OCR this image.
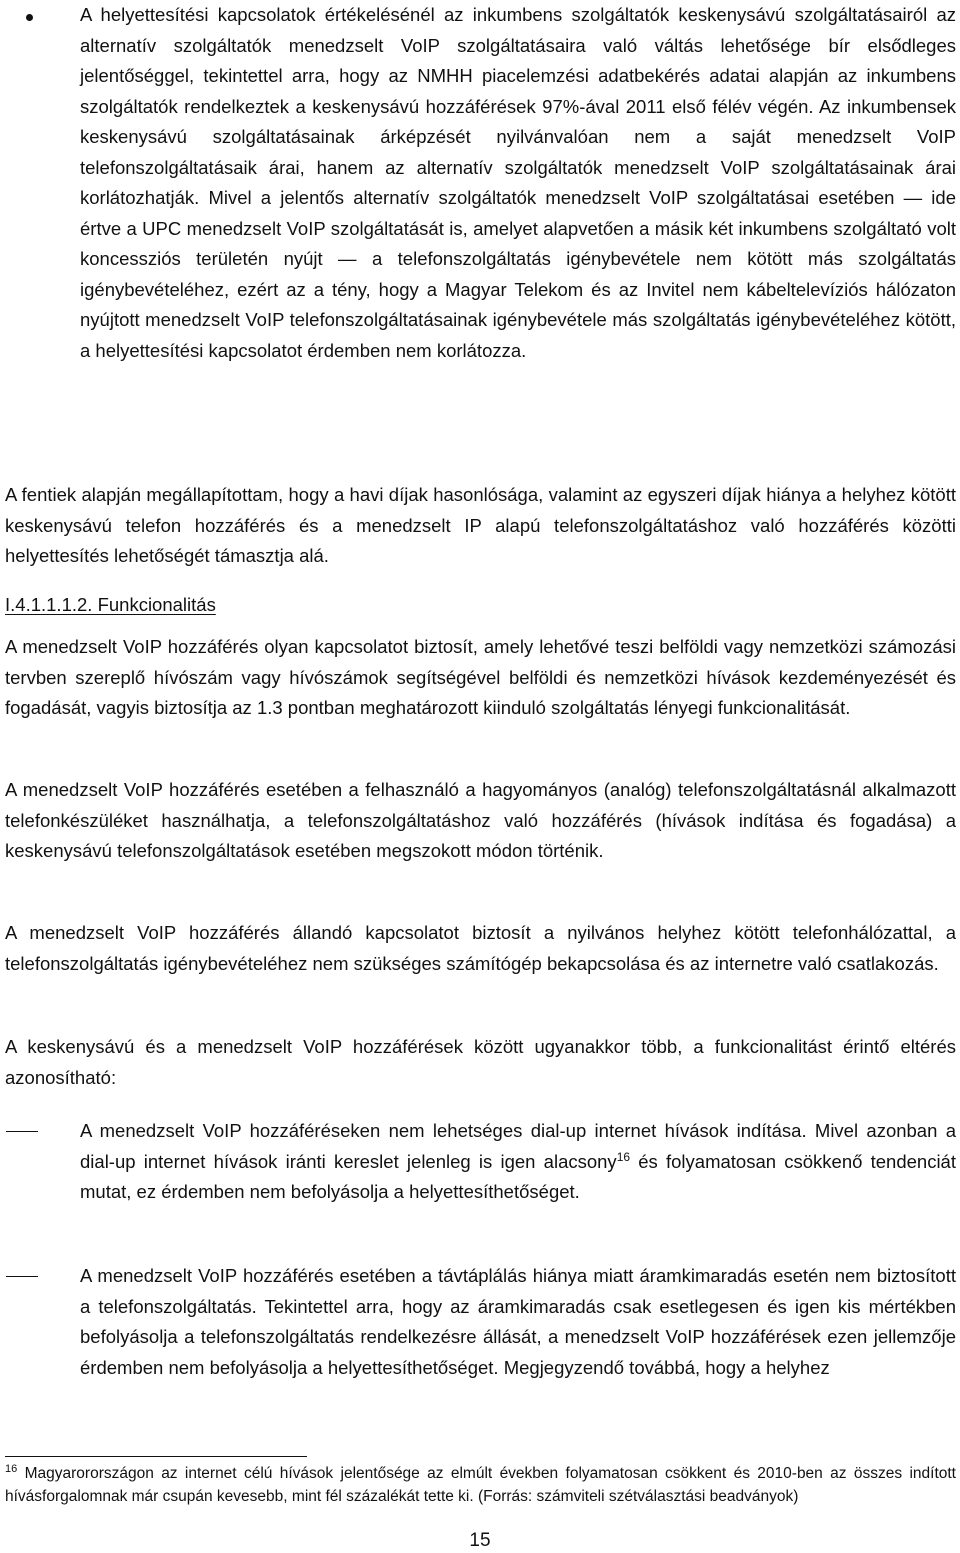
A helyettesítési kapcsolatok értékelésénél az inkumbens szolgáltatók keskenysávú szolgáltatásairól az alternatív szolgáltatók menedzselt VoIP szolgáltatásaira való váltás lehetősége bír elsődleges jelentőséggel, tekintettel arra, hogy az NMHH piacelemzési adatbekérés adatai alapján az inkumbens szolgáltatók rendelkeztek a keskenysávú hozzáférések 97%-ával 2011 első félév végén. Az inkumbensek keskenysávú szolgáltatásainak árképzését nyilvánvalóan nem a saját menedzselt VoIP telefonszolgáltatásaik árai, hanem az alternatív szolgáltatók menedzselt VoIP szolgáltatásainak árai korlátozhatják. Mivel a jelentős alternatív szolgáltatók menedzselt VoIP szolgáltatásai esetében — ide értve a UPC menedzselt VoIP szolgáltatását is, amelyet alapvetően a másik két inkumbens szolgáltató volt koncessziós területén nyújt — a telefonszolgáltatás igénybevétele nem kötött más szolgáltatás igénybevételéhez, ezért az a tény, hogy a Magyar Telekom és az Invitel nem kábeltelevíziós hálózaton nyújtott menedzselt VoIP telefonszolgáltatásainak igénybevétele más szolgáltatás igénybevételéhez kötött, a helyettesítési kapcsolatot érdemben nem korlátozza.

A fentiek alapján megállapítottam, hogy a havi díjak hasonlósága, valamint az egyszeri díjak hiánya a helyhez kötött keskenysávú telefon hozzáférés és a menedzselt IP alapú telefonszolgáltatáshoz való hozzáférés közötti helyettesítés lehetőségét támasztja alá.

I.4.1.1.1.2. Funkcionalitás

A menedzselt VoIP hozzáférés olyan kapcsolatot biztosít, amely lehetővé teszi belföldi vagy nemzetközi számozási tervben szereplő hívószám vagy hívószámok segítségével belföldi és nemzetközi hívások kezdeményezését és fogadását, vagyis biztosítja az 1.3 pontban meghatározott kiinduló szolgáltatás lényegi funkcionalitását.

A menedzselt VoIP hozzáférés esetében a felhasználó a hagyományos (analóg) telefonszolgáltatásnál alkalmazott telefonkészüléket használhatja, a telefonszolgáltatáshoz való hozzáférés (hívások indítása és fogadása) a keskenysávú telefonszolgáltatások esetében megszokott módon történik.

A menedzselt VoIP hozzáférés állandó kapcsolatot biztosít a nyilvános helyhez kötött telefonhálózattal, a telefonszolgáltatás igénybevételéhez nem szükséges számítógép bekapcsolása és az internetre való csatlakozás.

A keskenysávú és a menedzselt VoIP hozzáférések között ugyanakkor több, a funkcionalitást érintő eltérés azonosítható:

A menedzselt VoIP hozzáféréseken nem lehetséges dial-up internet hívások indítása. Mivel azonban a dial-up internet hívások iránti kereslet jelenleg is igen alacsony$^{16}$ és folyamatosan csökkenő tendenciát mutat, ez érdemben nem befolyásolja a helyettesíthetőséget.

A menedzselt VoIP hozzáférés esetében a távtáplálás hiánya miatt áramkimaradás esetén nem biztosított a telefonszolgáltatás. Tekintettel arra, hogy az áramkimaradás csak esetlegesen és igen kis mértékben befolyásolja a telefonszolgáltatás rendelkezésre állását, a menedzselt VoIP hozzáférések ezen jellemzője érdemben nem befolyásolja a helyettesíthetőséget. Megjegyzendő továbbá, hogy a helyhez

$^{16}$ Magyarorországon az internet célú hívások jelentősége az elmúlt években folyamatosan csökkent és 2010-ben az összes indított hívásforgalomnak már csupán kevesebb, mint fél százalékát tette ki. (Forrás: számviteli szétválasztási beadványok)

15
